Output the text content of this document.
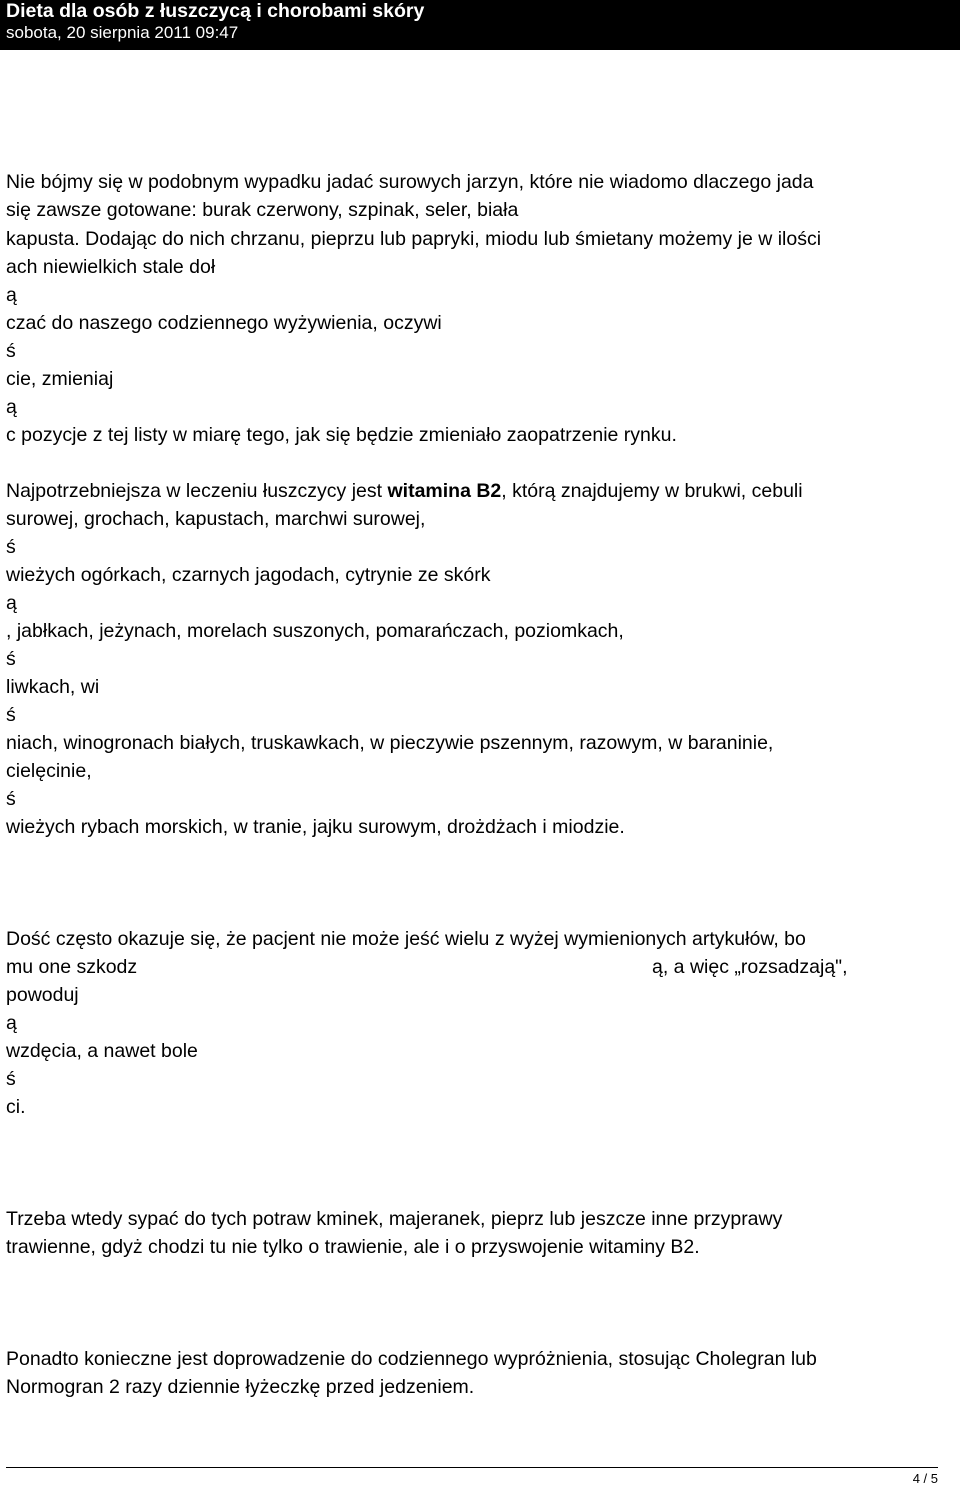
Dieta dla osób z łuszczycą i chorobami skóry
sobota, 20 sierpnia 2011 09:47
Nie bójmy się w podobnym wypadku jadać surowych jarzyn, które nie wiadomo dlaczego jada
się zawsze gotowane: burak czerwony, szpinak, seler, biała
kapusta. Dodając do nich chrzanu, pieprzu lub papryki, miodu lub śmietany możemy je w ilości
ach niewielkich stale doł
ą
czać do naszego codziennego wyżywienia, oczywi
ś
cie, zmieniaj
ą
c pozycje z tej listy w miarę tego, jak się będzie zmieniało zaopatrzenie rynku.
Najpotrzebniejsza w leczeniu łuszczycy jest witamina B2, którą znajdujemy w brukwi, cebuli
surowej, grochach, kapustach, marchwi surowej,
ś
wieżych ogórkach, czarnych jagodach, cytrynie ze skórk
ą
, jabłkach, jeżynach, morelach suszonych, pomarańczach, poziomkach,
ś
liwkach, wi
ś
niach, winogronach białych, truskawkach, w pieczywie pszennym, razowym, w baraninie,
cielęcinie,
ś
wieżych rybach morskich, w tranie, jajku surowym, drożdżach i miodzie.
Dość często okazuje się, że pacjent nie może jeść wielu z wyżej wymienionych artykułów, bo
mu one szkodz	ą, a więc „rozsadzają",
powoduj
ą
wzdęcia, a nawet bole
ś
ci.
Trzeba wtedy sypać do tych potraw kminek, majeranek, pieprz lub jeszcze inne przyprawy
trawienne, gdyż chodzi tu nie tylko o trawienie, ale i o przyswojenie witaminy B2.
Ponadto konieczne jest doprowadzenie do codziennego wypróżnienia, stosując Cholegran lub
Normogran 2 razy dziennie łyżeczkę przed jedzeniem.
4 / 5
